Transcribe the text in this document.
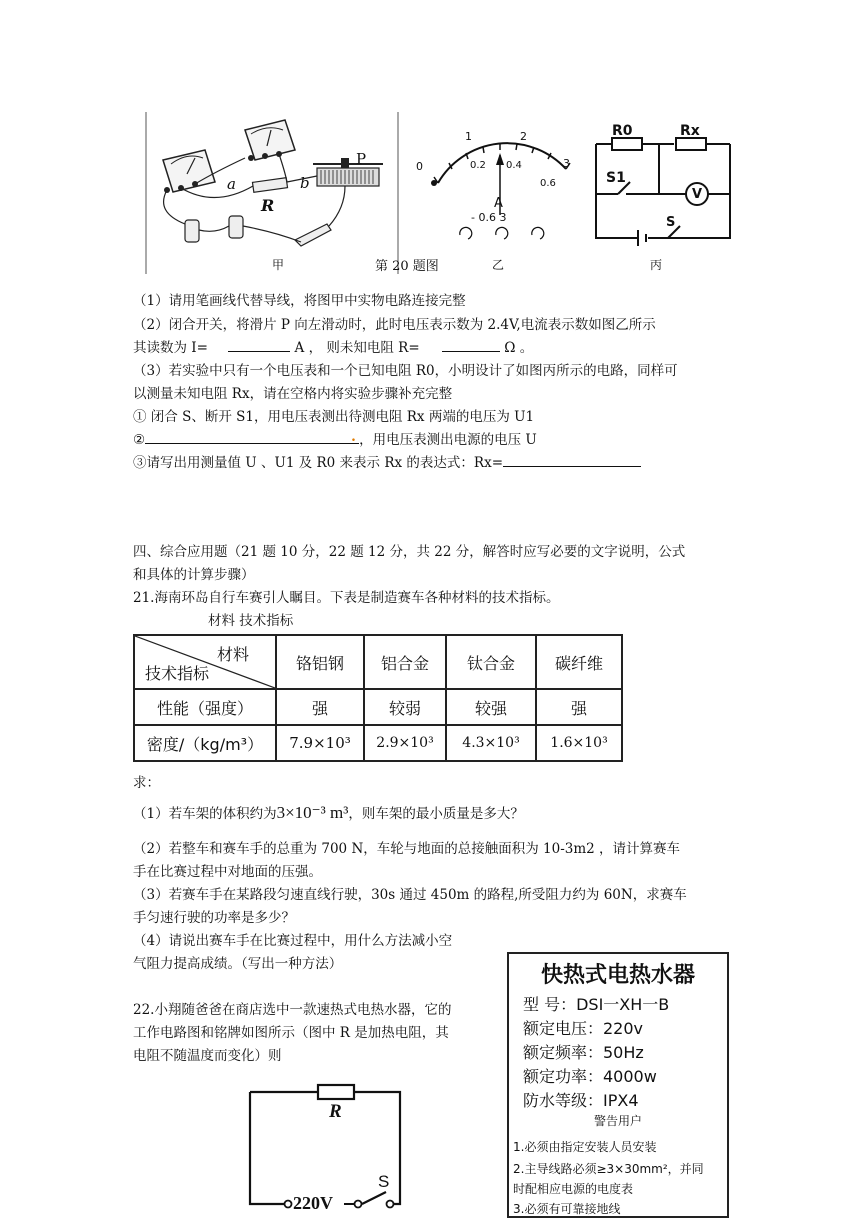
a	b
R
P
甲	第 20 题图
0
1	2
3
0.2 0.4
0.6
A
- 0.6 3
乙
R0	Rx
S1
S
V
丙
（1）请用笔画线代替导线，将图甲中实物电路连接完整
（2）闭合开关，将滑片 P 向左滑动时，此时电压表示数为 2.4V,电流表示数如图乙所示
其读数为 I=	A ， 则未知电阻 R=	Ω 。
（3）若实验中只有一个电压表和一个已知电阻 R0，小明设计了如图丙所示的电路，同样可
以测量未知电阻 Rx，请在空格内将实验步骤补充完整
① 闭合 S、断开 S1，用电压表测出待测电阻 Rx 两端的电压为 U1
②	. ，用电压表测出电源的电压 U
③请写出用测量值 U 、U1 及 R0 来表示 Rx 的表达式：Rx=
四、综合应用题（21 题 10 分，22 题 12 分，共 22 分，解答时应写必要的文字说明，公式
和具体的计算步骤）
21.海南环岛自行车赛引人瞩目。下表是制造赛车各种材料的技术指标。
材料 技术指标
材料
技术指标	铬铝钢	铝合金	钛合金	碳纤维
性能（强度）	强	较弱	较强	强
密度/（kg/m³）	7.9×10³	2.9×10³	4.3×10³	1.6×10³
求：
（1）若车架的体积约为3×10⁻³ m³，则车架的最小质量是多大？
（2）若整车和赛车手的总重为 700 N，车轮与地面的总接触面积为 10-3m2 ，请计算赛车
手在比赛过程中对地面的压强。
（3）若赛车手在某路段匀速直线行驶，30s 通过 450m 的路程,所受阻力约为 60N，求赛车
手匀速行驶的功率是多少？
（4）请说出赛车手在比赛过程中，用什么方法减小空
气阻力提高成绩。（写出一种方法）
22.小翔随爸爸在商店选中一款速热式电热水器，它的
工作电路图和铭牌如图所示（图中 R 是加热电阻，其
电阻不随温度而变化）则
R
220V
S
快热式电热水器
型 号：DSI一XH一B
额定电压：220v
额定频率：50Hz
额定功率：4000w
防水等级：IPX4
警告用户
1.必须由指定安装人员安装
2.主导线路必须≥3×30mm²，并同
时配相应电源的电度表
3.必须有可靠接地线
